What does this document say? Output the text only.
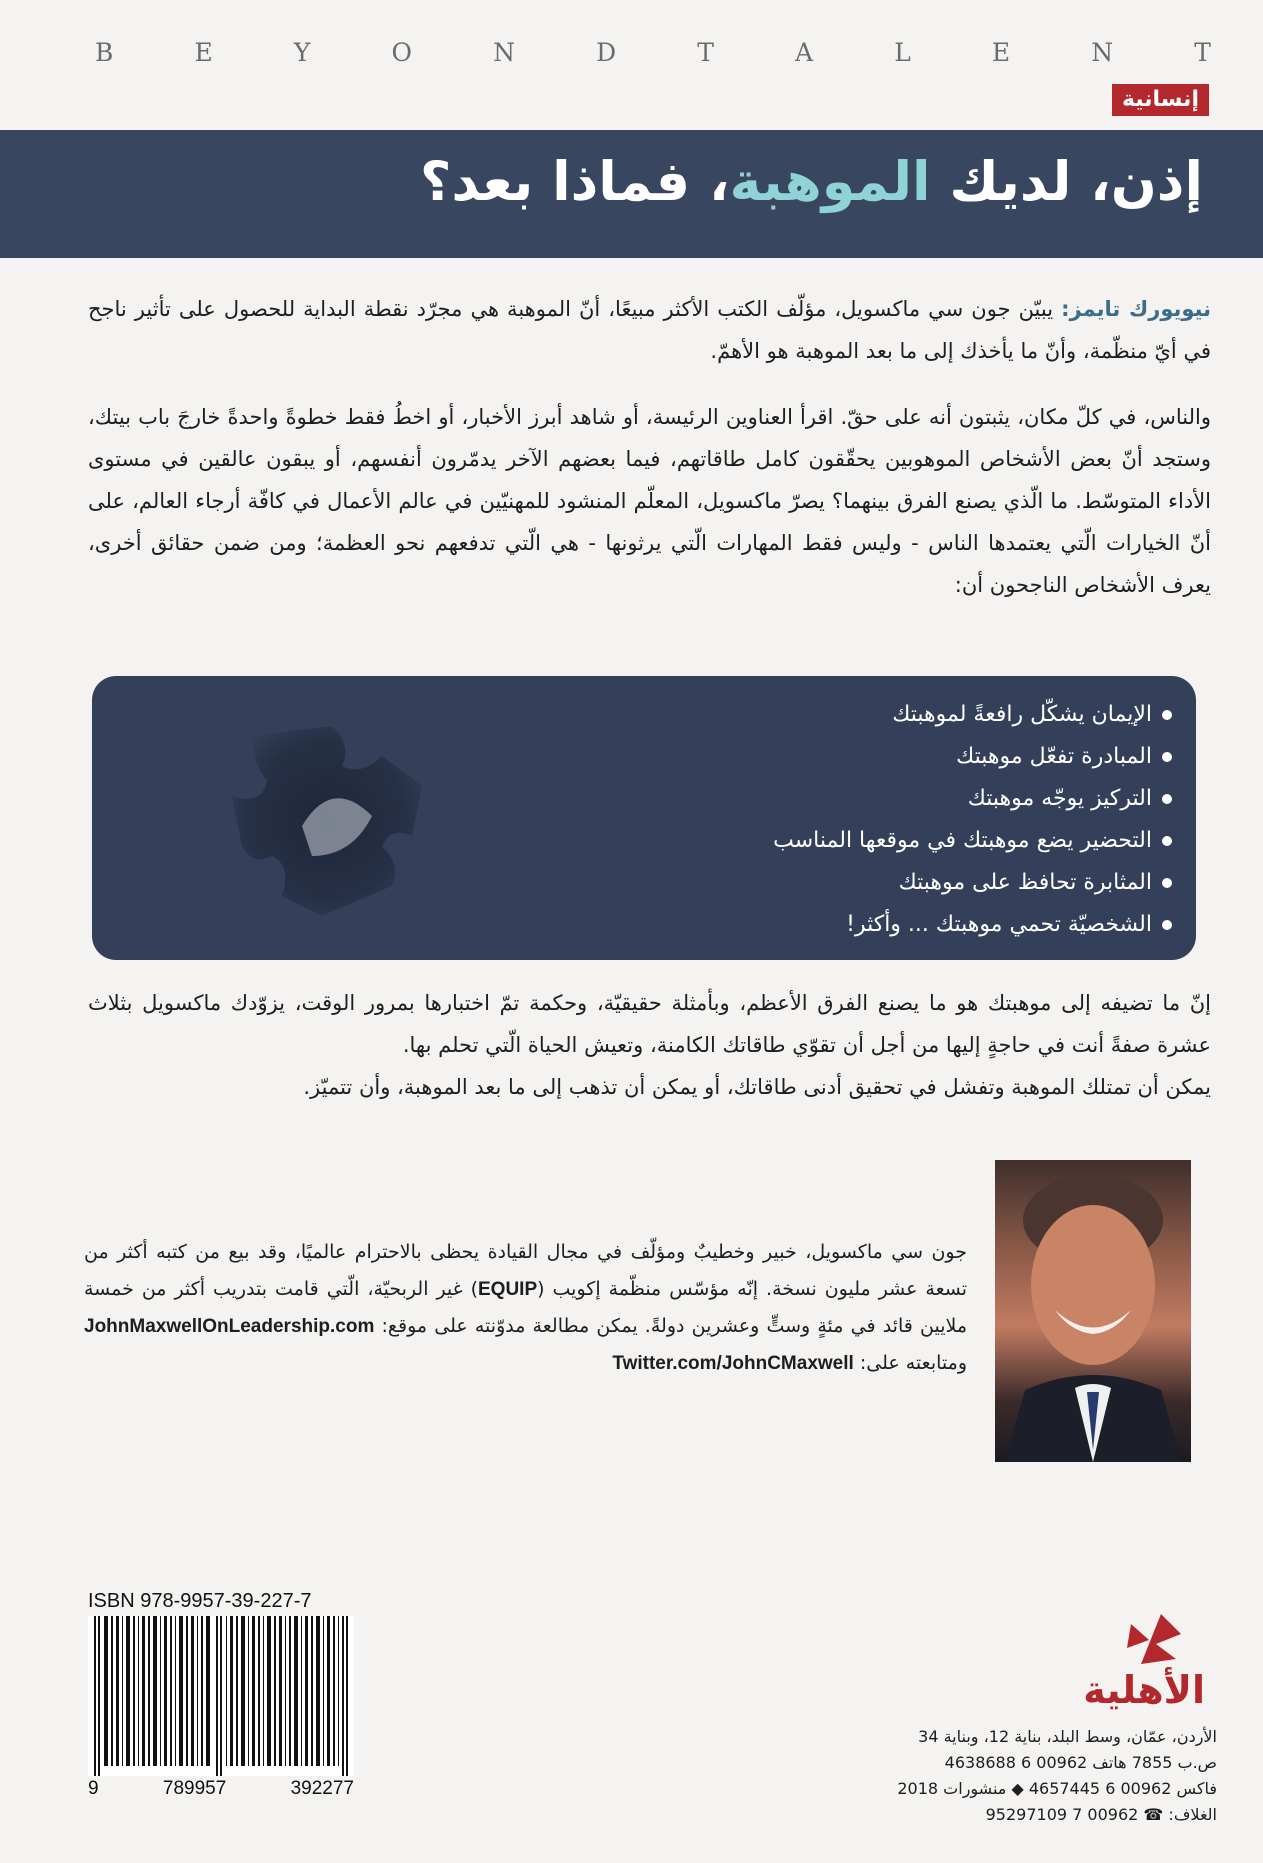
B	E	Y	O	N	D	T	A	L	E	N	T
إنسانية
إذن، لديك الموهبة، فماذا بعد؟
نيويورك تايمز: يبيّن جون سي ماكسويل، مؤلّف الكتب الأكثر مبيعًا، أنّ الموهبة هي مجرّد نقطة البداية للحصول على تأثير ناجح في أيّ منظّمة، وأنّ ما يأخذك إلى ما بعد الموهبة هو الأهمّ.
والناس، في كلّ مكان، يثبتون أنه على حقّ. اقرأ العناوين الرئيسة، أو شاهد أبرز الأخبار، أو اخطُ فقط خطوةً واحدةً خارجَ باب بيتك، وستجد أنّ بعض الأشخاص الموهوبين يحقّقون كامل طاقاتهم، فيما بعضهم الآخر يدمّرون أنفسهم، أو يبقون عالقين في مستوى الأداء المتوسّط. ما الّذي يصنع الفرق بينهما؟ يصرّ ماكسويل، المعلّم المنشود للمهنيّين في عالم الأعمال في كافّة أرجاء العالم، على أنّ الخيارات الّتي يعتمدها الناس - وليس فقط المهارات الّتي يرثونها - هي الّتي تدفعهم نحو العظمة؛ ومن ضمن حقائق أخرى، يعرف الأشخاص الناجحون أن:
الإيمان يشكّل رافعةً لموهبتك
المبادرة تفعّل موهبتك
التركيز يوجّه موهبتك
التحضير يضع موهبتك في موقعها المناسب
المثابرة تحافظ على موهبتك
الشخصيّة تحمي موهبتك ... وأكثر!
إنّ ما تضيفه إلى موهبتك هو ما يصنع الفرق الأعظم، وبأمثلة حقيقيّة، وحكمة تمّ اختبارها بمرور الوقت، يزوّدك ماكسويل بثلاث عشرة صفةً أنت في حاجةٍ إليها من أجل أن تقوّي طاقاتك الكامنة، وتعيش الحياة الّتي تحلم بها.
يمكن أن تمتلك الموهبة وتفشل في تحقيق أدنى طاقاتك، أو يمكن أن تذهب إلى ما بعد الموهبة، وأن تتميّز.
جون سي ماكسويل، خبير وخطيبٌ ومؤلّف في مجال القيادة يحظى بالاحترام عالميًا، وقد بيع من كتبه أكثر من تسعة عشر مليون نسخة. إنّه مؤسّس منظّمة إكويب (EQUIP) غير الربحيّة، الّتي قامت بتدريب أكثر من خمسة ملايين قائد في مئةٍ وستٍّ وعشرين دولةً. يمكن مطالعة مدوّنته على موقع: JohnMaxwellOnLeadership.com ومتابعته على: Twitter.com/JohnCMaxwell
ISBN 978-9957-39-227-7
9	789957	392277
الأهلية
الأردن، عمّان، وسط البلد، بناية 12، وبناية 34
ص.ب 7855 هاتف 00962 6 4638688
فاكس 00962 6 4657445 ◆ منشورات 2018
الغلاف: ☎ 00962 7 95297109
